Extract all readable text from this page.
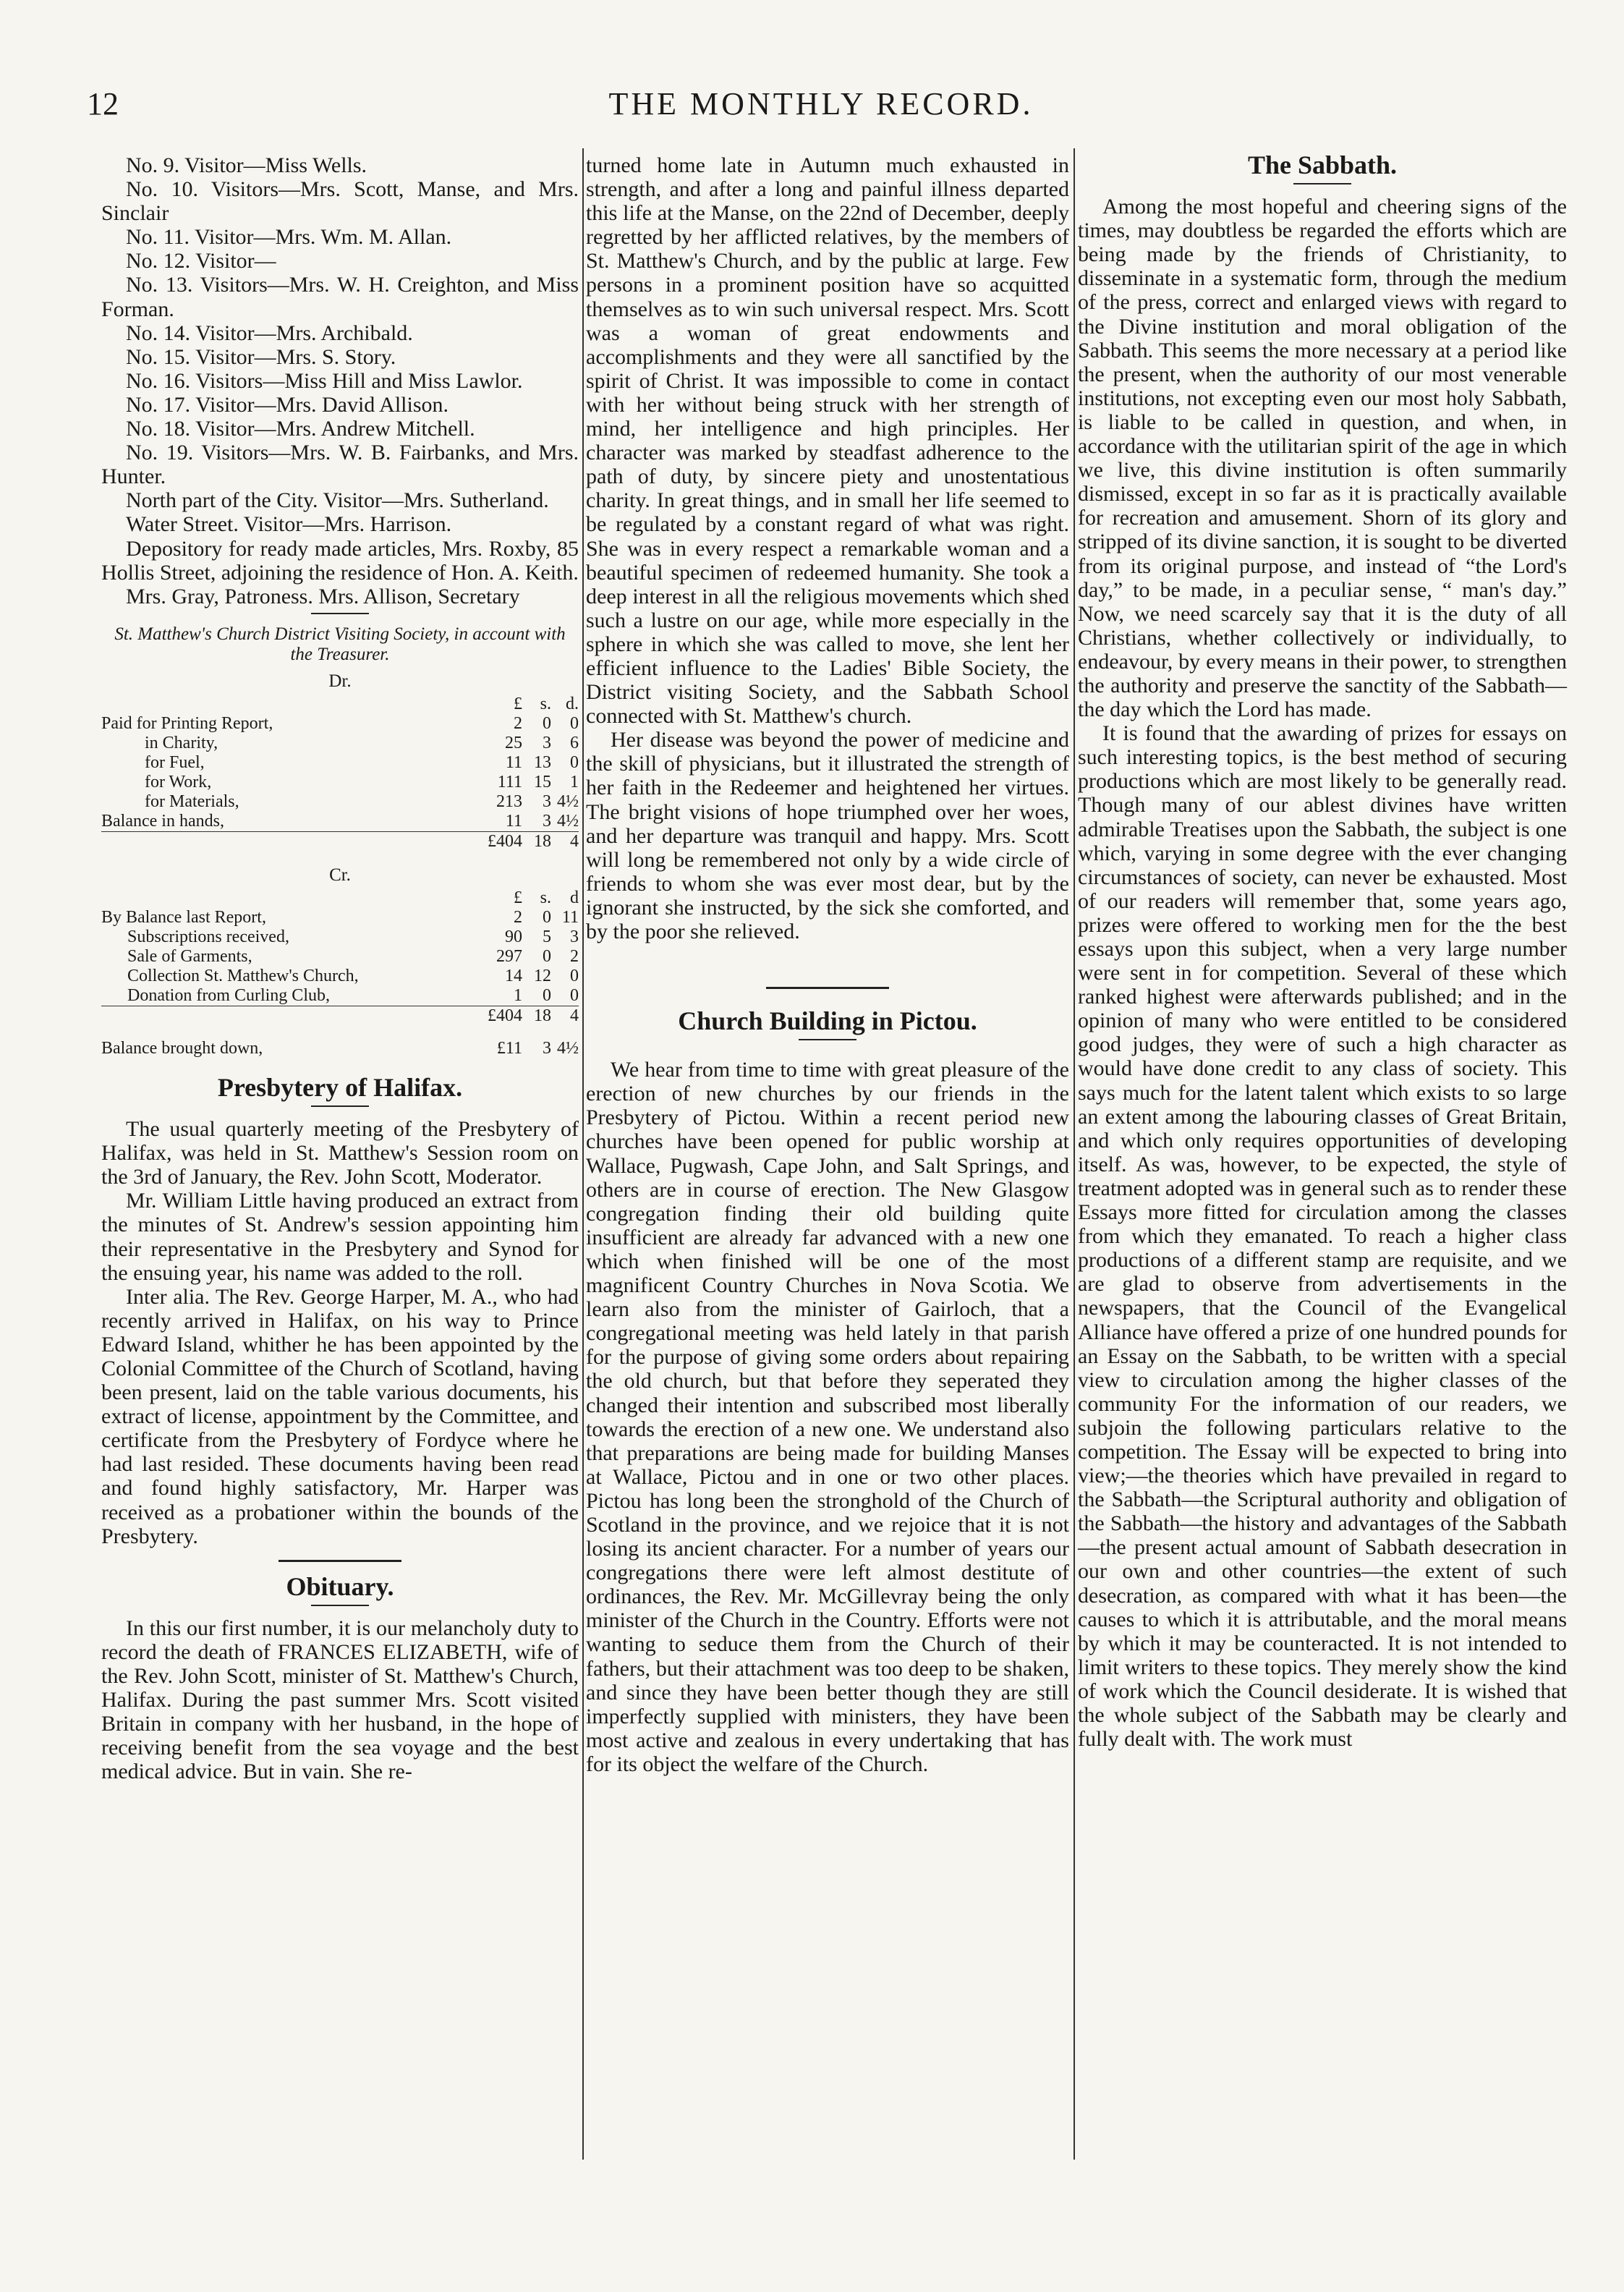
12	THE MONTHLY RECORD.

No. 9. Visitor—Miss Wells.

No. 10. Visitors—Mrs. Scott, Manse, and Mrs. Sinclair

No. 11. Visitor—Mrs. Wm. M. Allan.

No. 12. Visitor—

No. 13. Visitors—Mrs. W. H. Creighton, and Miss Forman.

No. 14. Visitor—Mrs. Archibald.

No. 15. Visitor—Mrs. S. Story.

No. 16. Visitors—Miss Hill and Miss Lawlor.

No. 17. Visitor—Mrs. David Allison.

No. 18. Visitor—Mrs. Andrew Mitchell.

No. 19. Visitors—Mrs. W. B. Fairbanks, and Mrs. Hunter.

North part of the City. Visitor—Mrs. Sutherland.

Water Street. Visitor—Mrs. Harrison.

Depository for ready made articles, Mrs. Roxby, 85 Hollis Street, adjoining the residence of Hon. A. Keith.

Mrs. Gray, Patroness. Mrs. Allison, Secretary

St. Matthew's Church District Visiting Society, in account with the Treasurer.
Dr.
	£	s.	d.
Paid for Printing Report,	2	0	0
in Charity,	25	3	6
for Fuel,	11	13	0
for Work,	111	15	1
for Materials,	213	3	4½
Balance in hands,	11	3	4½
	£404	18	4
Cr.
	£	s.	d
By Balance last Report,	2	0	11
Subscriptions received,	90	5	3
Sale of Garments,	297	0	2
Collection St. Matthew's Church,	14	12	0
Donation from Curling Club,	1	0	0
	£404	18	4
Balance brought down,	£11	3	4½
Presbytery of Halifax.

The usual quarterly meeting of the Presbytery of Halifax, was held in St. Matthew's Session room on the 3rd of January, the Rev. John Scott, Moderator.

Mr. William Little having produced an extract from the minutes of St. Andrew's session appointing him their representative in the Presbytery and Synod for the ensuing year, his name was added to the roll.

Inter alia. The Rev. George Harper, M. A., who had recently arrived in Halifax, on his way to Prince Edward Island, whither he has been appointed by the Colonial Committee of the Church of Scotland, having been present, laid on the table various documents, his extract of license, appointment by the Committee, and certificate from the Presbytery of Fordyce where he had last resided. These documents having been read and found highly satisfactory, Mr. Harper was received as a probationer within the bounds of the Presbytery.

Obituary.

In this our first number, it is our melancholy duty to record the death of FRANCES ELIZABETH, wife of the Rev. John Scott, minister of St. Matthew's Church, Halifax. During the past summer Mrs. Scott visited Britain in company with her husband, in the hope of receiving benefit from the sea voyage and the best medical advice. But in vain. She re-

turned home late in Autumn much exhausted in strength, and after a long and painful illness departed this life at the Manse, on the 22nd of December, deeply regretted by her afflicted relatives, by the members of St. Matthew's Church, and by the public at large. Few persons in a prominent position have so acquitted themselves as to win such universal respect. Mrs. Scott was a woman of great endowments and accomplishments and they were all sanctified by the spirit of Christ. It was impossible to come in contact with her without being struck with her strength of mind, her intelligence and high principles. Her character was marked by steadfast adherence to the path of duty, by sincere piety and unostentatious charity. In great things, and in small her life seemed to be regulated by a constant regard of what was right. She was in every respect a remarkable woman and a beautiful specimen of redeemed humanity. She took a deep interest in all the religious movements which shed such a lustre on our age, while more especially in the sphere in which she was called to move, she lent her efficient influence to the Ladies' Bible Society, the District visiting Society, and the Sabbath School connected with St. Matthew's church.

Her disease was beyond the power of medicine and the skill of physicians, but it illustrated the strength of her faith in the Redeemer and heightened her virtues. The bright visions of hope triumphed over her woes, and her departure was tranquil and happy. Mrs. Scott will long be remembered not only by a wide circle of friends to whom she was ever most dear, but by the ignorant she instructed, by the sick she comforted, and by the poor she relieved.

Church Building in Pictou.

We hear from time to time with great pleasure of the erection of new churches by our friends in the Presbytery of Pictou. Within a recent period new churches have been opened for public worship at Wallace, Pugwash, Cape John, and Salt Springs, and others are in course of erection. The New Glasgow congregation finding their old building quite insufficient are already far advanced with a new one which when finished will be one of the most magnificent Country Churches in Nova Scotia. We learn also from the minister of Gairloch, that a congregational meeting was held lately in that parish for the purpose of giving some orders about repairing the old church, but that before they seperated they changed their intention and subscribed most liberally towards the erection of a new one. We understand also that preparations are being made for building Manses at Wallace, Pictou and in one or two other places. Pictou has long been the stronghold of the Church of Scotland in the province, and we rejoice that it is not losing its ancient character. For a number of years our congregations there were left almost destitute of ordinances, the Rev. Mr. McGillevray being the only minister of the Church in the Country. Efforts were not wanting to seduce them from the Church of their fathers, but their attachment was too deep to be shaken, and since they have been better though they are still imperfectly supplied with ministers, they have been most active and zealous in every undertaking that has for its object the welfare of the Church.

The Sabbath.

Among the most hopeful and cheering signs of the times, may doubtless be regarded the efforts which are being made by the friends of Christianity, to disseminate in a systematic form, through the medium of the press, correct and enlarged views with regard to the Divine institution and moral obligation of the Sabbath. This seems the more necessary at a period like the present, when the authority of our most venerable institutions, not excepting even our most holy Sabbath, is liable to be called in question, and when, in accordance with the utilitarian spirit of the age in which we live, this divine institution is often summarily dismissed, except in so far as it is practically available for recreation and amusement. Shorn of its glory and stripped of its divine sanction, it is sought to be diverted from its original purpose, and instead of “the Lord's day,” to be made, in a peculiar sense, “ man's day.” Now, we need scarcely say that it is the duty of all Christians, whether collectively or individually, to endeavour, by every means in their power, to strengthen the authority and preserve the sanctity of the Sabbath—the day which the Lord has made.

It is found that the awarding of prizes for essays on such interesting topics, is the best method of securing productions which are most likely to be generally read. Though many of our ablest divines have written admirable Treatises upon the Sabbath, the subject is one which, varying in some degree with the ever changing circumstances of society, can never be exhausted. Most of our readers will remember that, some years ago, prizes were offered to working men for the the best essays upon this subject, when a very large number were sent in for competition. Several of these which ranked highest were afterwards published; and in the opinion of many who were entitled to be considered good judges, they were of such a high character as would have done credit to any class of society. This says much for the latent talent which exists to so large an extent among the labouring classes of Great Britain, and which only requires opportunities of developing itself. As was, however, to be expected, the style of treatment adopted was in general such as to render these Essays more fitted for circulation among the classes from which they emanated. To reach a higher class productions of a different stamp are requisite, and we are glad to observe from advertisements in the newspapers, that the Council of the Evangelical Alliance have offered a prize of one hundred pounds for an Essay on the Sabbath, to be written with a special view to circulation among the higher classes of the community For the information of our readers, we subjoin the following particulars relative to the competition. The Essay will be expected to bring into view;—the theories which have prevailed in regard to the Sabbath—the Scriptural authority and obligation of the Sabbath—the history and advantages of the Sabbath—the present actual amount of Sabbath desecration in our own and other countries—the extent of such desecration, as compared with what it has been—the causes to which it is attributable, and the moral means by which it may be counteracted. It is not intended to limit writers to these topics. They merely show the kind of work which the Council desiderate. It is wished that the whole subject of the Sabbath may be clearly and fully dealt with. The work must
